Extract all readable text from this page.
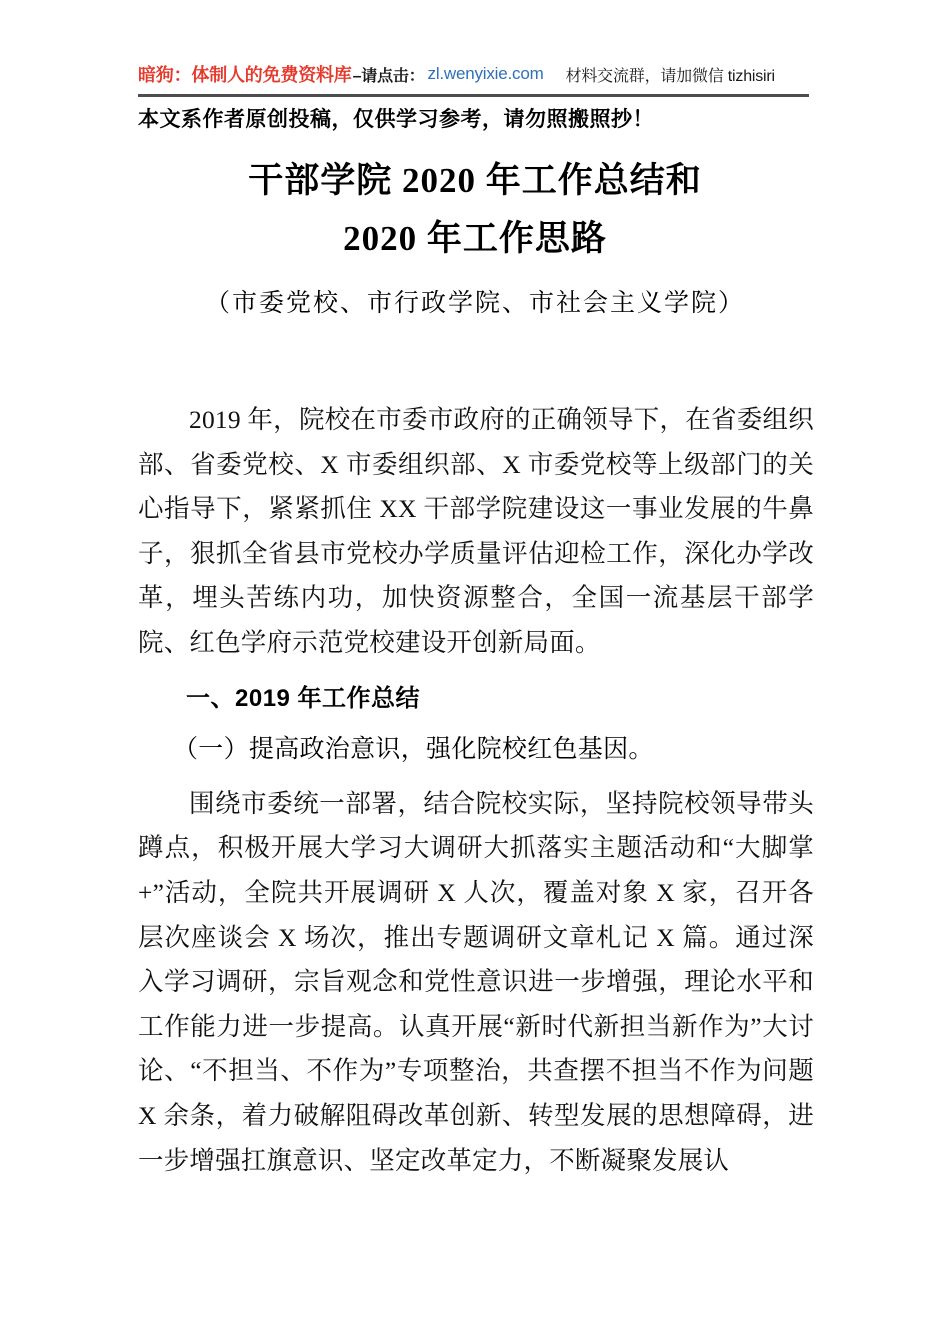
暗狗：体制人的免费资料库 –请点击： zl.wenyixie.com 材料交流群，请加微信 tizhisiri
本文系作者原创投稿，仅供学习参考，请勿照搬照抄！
干部学院 2020 年工作总结和
2020 年工作思路
（市委党校、市行政学院、市社会主义学院）

2019 年，院校在市委市政府的正确领导下，在省委组织部、省委党校、X 市委组织部、X 市委党校等上级部门的关心指导下，紧紧抓住 XX 干部学院建设这一事业发展的牛鼻子，狠抓全省县市党校办学质量评估迎检工作，深化办学改革，埋头苦练内功，加快资源整合，全国一流基层干部学院、红色学府示范党校建设开创新局面。

一、2019 年工作总结
（一）提高政治意识，强化院校红色基因。

围绕市委统一部署，结合院校实际，坚持院校领导带头蹲点，积极开展大学习大调研大抓落实主题活动和“大脚掌+”活动，全院共开展调研 X 人次，覆盖对象 X 家，召开各层次座谈会 X 场次，推出专题调研文章札记 X 篇。通过深入学习调研，宗旨观念和党性意识进一步增强，理论水平和工作能力进一步提高。认真开展“新时代新担当新作为”大讨论、“不担当、不作为”专项整治，共查摆不担当不作为问题 X 余条，着力破解阻碍改革创新、转型发展的思想障碍，进一步增强扛旗意识、坚定改革定力，不断凝聚发展认
